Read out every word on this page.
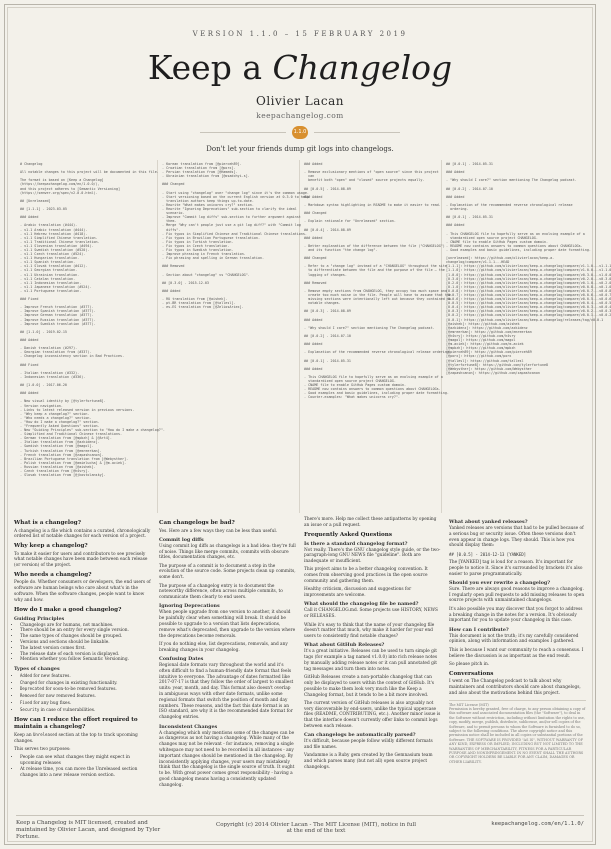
VERSION 1.1.0 – 15 FEBRUARY 2019
Keep a Changelog
Olivier Lacan
keepachangelog.com
1.1.0
Don't let your friends dump git logs into changelogs.
# Changelog

All notable changes to this project will be documented in this file.

The format is based on [Keep a Changelog]
(https://keepachangelog.com/en/1.0.0/),
and this project adheres to [Semantic Versioning]
(https://semver.org/spec/v2.0.0.html).

## [Unreleased]

## [1.1.1] - 2023-03-05

### Added

- Arabic translation (#444).
- v1.1 Arabic translation (#444).
- v1.1 Hebrew translation (#418).
- v1.1 Simplified Chinese translation.
- v1.1 Traditional Chinese translation.
- v1.1 Slovenian translation (#494).
- v1.1 Swedish translation (#520).
- v1.1 Czech translation (#524).
- v1.1 Hungarian translation.
- v1.1 Spanish translation.
- v1.1 Slovak translation (#412).
- v1.1 Georgian translation.
- v1.1 Ukrainian translation.
- v1.1 Catalan translation.
- v1.1 Indonesian translation.
- v1.1 Japanese translation (#524).
- v1.1 Portuguese translation.

### Fixed

- Improve French translation (#377).
- Improve Spanish translation (#377).
- Improve German translation (#377).
- Improve Russian translation (#377).
- Improve Swedish translation (#377).

## [1.1.0] - 2019-02-15

### Added

- Danish translation (#297).
- Georgian translation from (#337).
- Changelog inconsistency section in Bad Practices.

### Fixed

- Italian translation (#332).
- Indonesian translation (#336).

## [1.0.0] - 2017-06-20

### Added

- New visual identity by [@tylerfortune8].
- Version navigation.
- Links to latest released version in previous versions.
- "Why keep a changelog?" section.
- "Who needs a changelog?" section.
- "How do I make a changelog?" section.
- "Frequently Asked Questions" section.
- New "Guiding Principles" sub-section to "How do I make a changelog?".
- Simplified and Traditional Chinese translations.
- German translation from [@mpbzh] & [@Art4].
- Italian translation from [@azkidenz].
- Swedish translation from [@magol].
- Turkish translation from [@emreerkan].
- French translation from [@zapashcanon].
- Brazilian Portuguese translation from [@Webysther].
- Polish translation from [@amielucha] & [@m-aciek].
- Russian translation from [@aishek].
- Czech translation from [@h4vry].
- Slovak translation from [@jkostolansky].
- Korean translation from [@pierceh89].
- Croatian translation from [@porx].
- Persian translation from [@Hameds].
- Ukrainian translation from [@osadchyi-s].

### Changed

- Start using "changelog" over "change log" since it's the common usage.
- Start versioning based on the current English version at 0.3.0 to help
translation authors keep things up-to-date.
- Rewrite "What makes unicorns cry?" section.
- Rewrite "Ignoring Deprecations" sub-section to clarify the ideal
scenario.
- Improve "Commit log diffs" sub-section to further argument against
them.
- Merge "Why can't people just use a git log diff?" with "Commit log
diffs".
- Fix typos in Simplified Chinese and Traditional Chinese translations.
- Fix typos in Brazilian Portuguese translation.
- Fix typos in Turkish translation.
- Fix typos in Czech translation.
- Fix typos in Swedish translation.
- Improve phrasing in French translation.
- Fix phrasing and spelling in German translation.

### Removed

- Section about "changelog" vs "CHANGELOG".

## [0.3.0] - 2015-12-03

### Added

- RU translation from [@aishek].
- pt-BR translation from [@tallesl].
- es-ES translation from [@ZeliosAriex].
### Added

- Remove exclusionary mentions of "open source" since this project
can
benefit both "open" and "closed" source projects equally.

## [0.0.5] - 2014-08-09

### Added

- Markdown syntax highlighting in README to make it easier to read.

### Changed

- Explain rationale for "Unreleased" section.

## [0.0.4] - 2014-08-09

### Added

- Better explanation of the difference between the file ("CHANGELOG")
and its function "the change log".

### Changed

- Refer to a "change log" instead of a "CHANGELOG" throughout the site
to differentiate between the file and the purpose of the file — the
logging of changes.

### Removed

- Remove empty sections from CHANGELOG, they occupy too much space and
create too much noise in the file. People will have to assume that the
missing sections were intentionally left out because they contained no
notable changes.

## [0.0.3] - 2014-08-09

### Added

- "Why should I care?" section mentioning The Changelog podcast.

## [0.0.2] - 2014-07-10

### Added

- Explanation of the recommended reverse chronological release ordering.

## [0.0.1] - 2014-05-31

### Added

- This CHANGELOG file to hopefully serve as an evolving example of a
standardized open source project CHANGELOG.
- CNAME file to enable GitHub Pages custom domain.
- README now contains answers to common questions about CHANGELOGs.
- Good examples and basic guidelines, including proper date formatting.
- Counter-examples: "What makes unicorns cry?".
## [0.0.1] - 2014-05-31

### Added

- "Why should I care?" section mentioning The Changelog podcast.

## [0.0.2] - 2014-07-10

### Added

- Explanation of the recommended reverse chronological release
ordering.

## [0.0.1] - 2014-05-31

### Added

- This CHANGELOG file to hopefully serve as an evolving example of a
standardized open source project CHANGELOG.
- CNAME file to enable GitHub Pages custom domain.
- README now contains answers to common questions about CHANGELOGs.
- Good examples and basic guidelines, including proper date formatting.

[unreleased]: https://github.com/olivierlacan/keep-a-
changelog/compare/v1.1.1...HEAD
[1.1.1]: https://github.com/olivierlacan/keep-a-changelog/compare/v1.1.0...v1.1.1
[1.1.0]: https://github.com/olivierlacan/keep-a-changelog/compare/v1.0.0...v1.1.0
[1.0.0]: https://github.com/olivierlacan/keep-a-changelog/compare/v0.3.0...v1.0.0
[0.3.0]: https://github.com/olivierlacan/keep-a-changelog/compare/v0.2.0...v0.3.0
[0.2.0]: https://github.com/olivierlacan/keep-a-changelog/compare/v0.1.0...v0.2.0
[0.1.0]: https://github.com/olivierlacan/keep-a-changelog/compare/v0.0.8...v0.1.0
[0.0.8]: https://github.com/olivierlacan/keep-a-changelog/compare/v0.0.7...v0.0.8
[0.0.7]: https://github.com/olivierlacan/keep-a-changelog/compare/v0.0.6...v0.0.7
[0.0.6]: https://github.com/olivierlacan/keep-a-changelog/compare/v0.0.5...v0.0.6
[0.0.5]: https://github.com/olivierlacan/keep-a-changelog/compare/v0.0.4...v0.0.5
[0.0.4]: https://github.com/olivierlacan/keep-a-changelog/compare/v0.0.3...v0.0.4
[0.0.3]: https://github.com/olivierlacan/keep-a-changelog/compare/v0.0.2...v0.0.3
[0.0.2]: https://github.com/olivierlacan/keep-a-changelog/compare/v0.0.1...v0.0.2
[0.0.1]: https://github.com/olivierlacan/keep-a-changelog/releases/tag/v0.0.1
[@aishek]: https://github.com/aishek
[@azkidenz]: https://github.com/azkidenz
[@emreerkan]: https://github.com/emreerkan
[@h4vry]: https://github.com/h4vry
[@magol]: https://github.com/magol
[@m-aciek]: https://github.com/m-aciek
[@mpbzh]: https://github.com/mpbzh
[@pierceh89]: https://github.com/pierceh89
[@porx]: https://github.com/porx
[@tallesl]: https://github.com/tallesl
[@tylerfortune8]: https://github.com/tylerfortune8
[@Webysther]: https://github.com/Webysther
[@zapashcanon]: https://github.com/zapashcanon
What is a changelog?

A changelog is a file which contains a curated, chronologically ordered list of notable changes for each version of a project.

Why keep a changelog?

To make it easier for users and contributors to see precisely what notable changes have been made between each release (or version) of the project.

Who needs a changelog?

People do. Whether consumers or developers, the end users of software are human beings who care about what's in the software. When the software changes, people want to know why and how.

How do I make a good changelog?
Guiding Principles
• Changelogs are for humans, not machines.
• There should be an entry for every single version.
• The same types of changes should be grouped.
• Versions and sections should be linkable.
• The latest version comes first.
• The release date of each version is displayed.
• Mention whether you follow Semantic Versioning.
Types of changes
• Added for new features.
• Changed for changes in existing functionality.
• Deprecated for soon-to-be removed features.
• Removed for now removed features.
• Fixed for any bug fixes.
• Security in case of vulnerabilities.
How can I reduce the effort required to maintain a changelog?

Keep an Unreleased section at the top to track upcoming changes.

This serves two purposes:

• People can see what changes they might expect in upcoming releases
• At release time, you can move the Unreleased section changes into a new release version section.
Can changelogs be bad?

Yes. Here are a few ways they can be less than useful.

Commit log diffs

Using commit log diffs as changelogs is a bad idea: they're full of noise. Things like merge commits, commits with obscure titles, documentation changes, etc.

The purpose of a commit is to document a step in the evolution of the source code. Some projects clean up commits, some don't.

The purpose of a changelog entry is to document the noteworthy difference, often across multiple commits, to communicate them clearly to end users.

Ignoring Deprecations

When people upgrade from one version to another, it should be painfully clear when something will break. It should be possible to upgrade to a version that lists deprecations, remove what's deprecated, then upgrade to the version where the deprecations become removals.

If you do nothing else, list deprecations, removals, and any breaking changes in your changelog.

Confusing Dates

Regional date formats vary throughout the world and it's often difficult to find a human-friendly date format that feels intuitive to everyone. The advantage of dates formatted like 2017-07-17 is that they follow the order of largest to smallest units: year, month, and day. This format also doesn't overlap in ambiguous ways with other date formats, unlike some regional formats that switch the position of month and day numbers. These reasons, and the fact this date format is an ISO standard, are why it is the recommended date format for changelog entries.

Inconsistent Changes

A changelog which only mentions some of the changes can be as dangerous as not having a changelog. While many of the changes may not be relevant - for instance, removing a single whitespace may not need to be recorded in all instances - any important changes should be mentioned in the changelog. By inconsistently applying changes, your users may mistakenly think that the changelog is the single source of truth. It ought to be. With great power comes great responsibility - having a good changelog means having a consistently updated changelog.

There's more. Help me collect these antipatterns by opening an issue or a pull request.

Frequently Asked Questions
Is there a standard changelog format?

Not really. There's the GNU changelog style guide, or the two-paragraph-long GNU NEWS file "guideline". Both are inadequate or insufficient.

This project aims to be a better changelog convention. It comes from observing good practices in the open source community and gathering them.

Healthy criticism, discussion and suggestions for improvements are welcome.

What should the changelog file be named?

Call it CHANGELOG.md. Some projects use HISTORY, NEWS or RELEASES.

While it's easy to think that the name of your changelog file doesn't matter that much, why make it harder for your end users to consistently find notable changes?

What about GitHub Releases?

It's a great initiative. Releases can be used to turn simple git tags (for example a tag named v1.0.0) into rich release notes by manually adding release notes or it can pull annotated git tag messages and turn them into notes.

GitHub Releases create a non-portable changelog that can only be displayed to users within the context of GitHub. It's possible to make them look very much like the Keep a Changelog format, but it tends to be a bit more involved.

The current version of GitHub releases is also arguably not very discoverable by end-users, unlike the typical uppercase files (README, CONTRIBUTING, etc.). Another minor issue is that the interface doesn't currently offer links to commit logs between each release.

Can changelogs be automatically parsed?

It's difficult, because people follow wildly different formats and file names.

Vandamme is a Ruby gem created by the Gemnasium team and which parses many (but not all) open source project changelogs.

What about yanked releases?

Yanked releases are versions that had to be pulled because of a serious bug or security issue. Often these versions don't even appear in change logs. They should. This is how you should display them:

## [0.0.5] - 2014-12-13 [YANKED]

The [YANKED] tag is loud for a reason. It's important for people to notice it. Since it's surrounded by brackets it's also easier to parse programmatically.

Should you ever rewrite a changelog?

Sure. There are always good reasons to improve a changelog. I regularly open pull requests to add missing releases to open source projects with unmaintained changelogs.

It's also possible you may discover that you forgot to address a breaking change in the notes for a version. It's obviously important for you to update your changelog in this case.

How can I contribute?

This document is not the truth; it's my carefully considered opinion, along with information and examples I gathered.

This is because I want our community to reach a consensus. I believe the discussion is as important as the end result.

So please pitch in.

Conversations

I went on The Changelog podcast to talk about why maintainers and contributors should care about changelogs, and also about the motivations behind this project.

The MIT License (MIT)
Permission is hereby granted, free of charge, to any person obtaining a copy of this software and associated documentation files (the "Software"), to deal in the Software without restriction, including without limitation the rights to use, copy, modify, merge, publish, distribute, sublicense, and/or sell copies of the Software, and to permit persons to whom the Software is furnished to do so, subject to the following conditions. The above copyright notice and this permission notice shall be included in all copies or substantial portions of the Software. THE SOFTWARE IS PROVIDED "AS IS", WITHOUT WARRANTY OF ANY KIND, EXPRESS OR IMPLIED, INCLUDING BUT NOT LIMITED TO THE WARRANTIES OF MERCHANTABILITY, FITNESS FOR A PARTICULAR PURPOSE AND NONINFRINGEMENT. IN NO EVENT SHALL THE AUTHORS OR COPYRIGHT HOLDERS BE LIABLE FOR ANY CLAIM, DAMAGES OR OTHER LIABILITY.
Keep a Changelog is MIT licensed, created and maintained by Olivier Lacan, and designed by Tyler Fortune.
Copyright (c) 2014 Olivier Lacan - The MIT License (MIT), notice in full at the end of the text
keepachangelog.com/en/1.1.0/
